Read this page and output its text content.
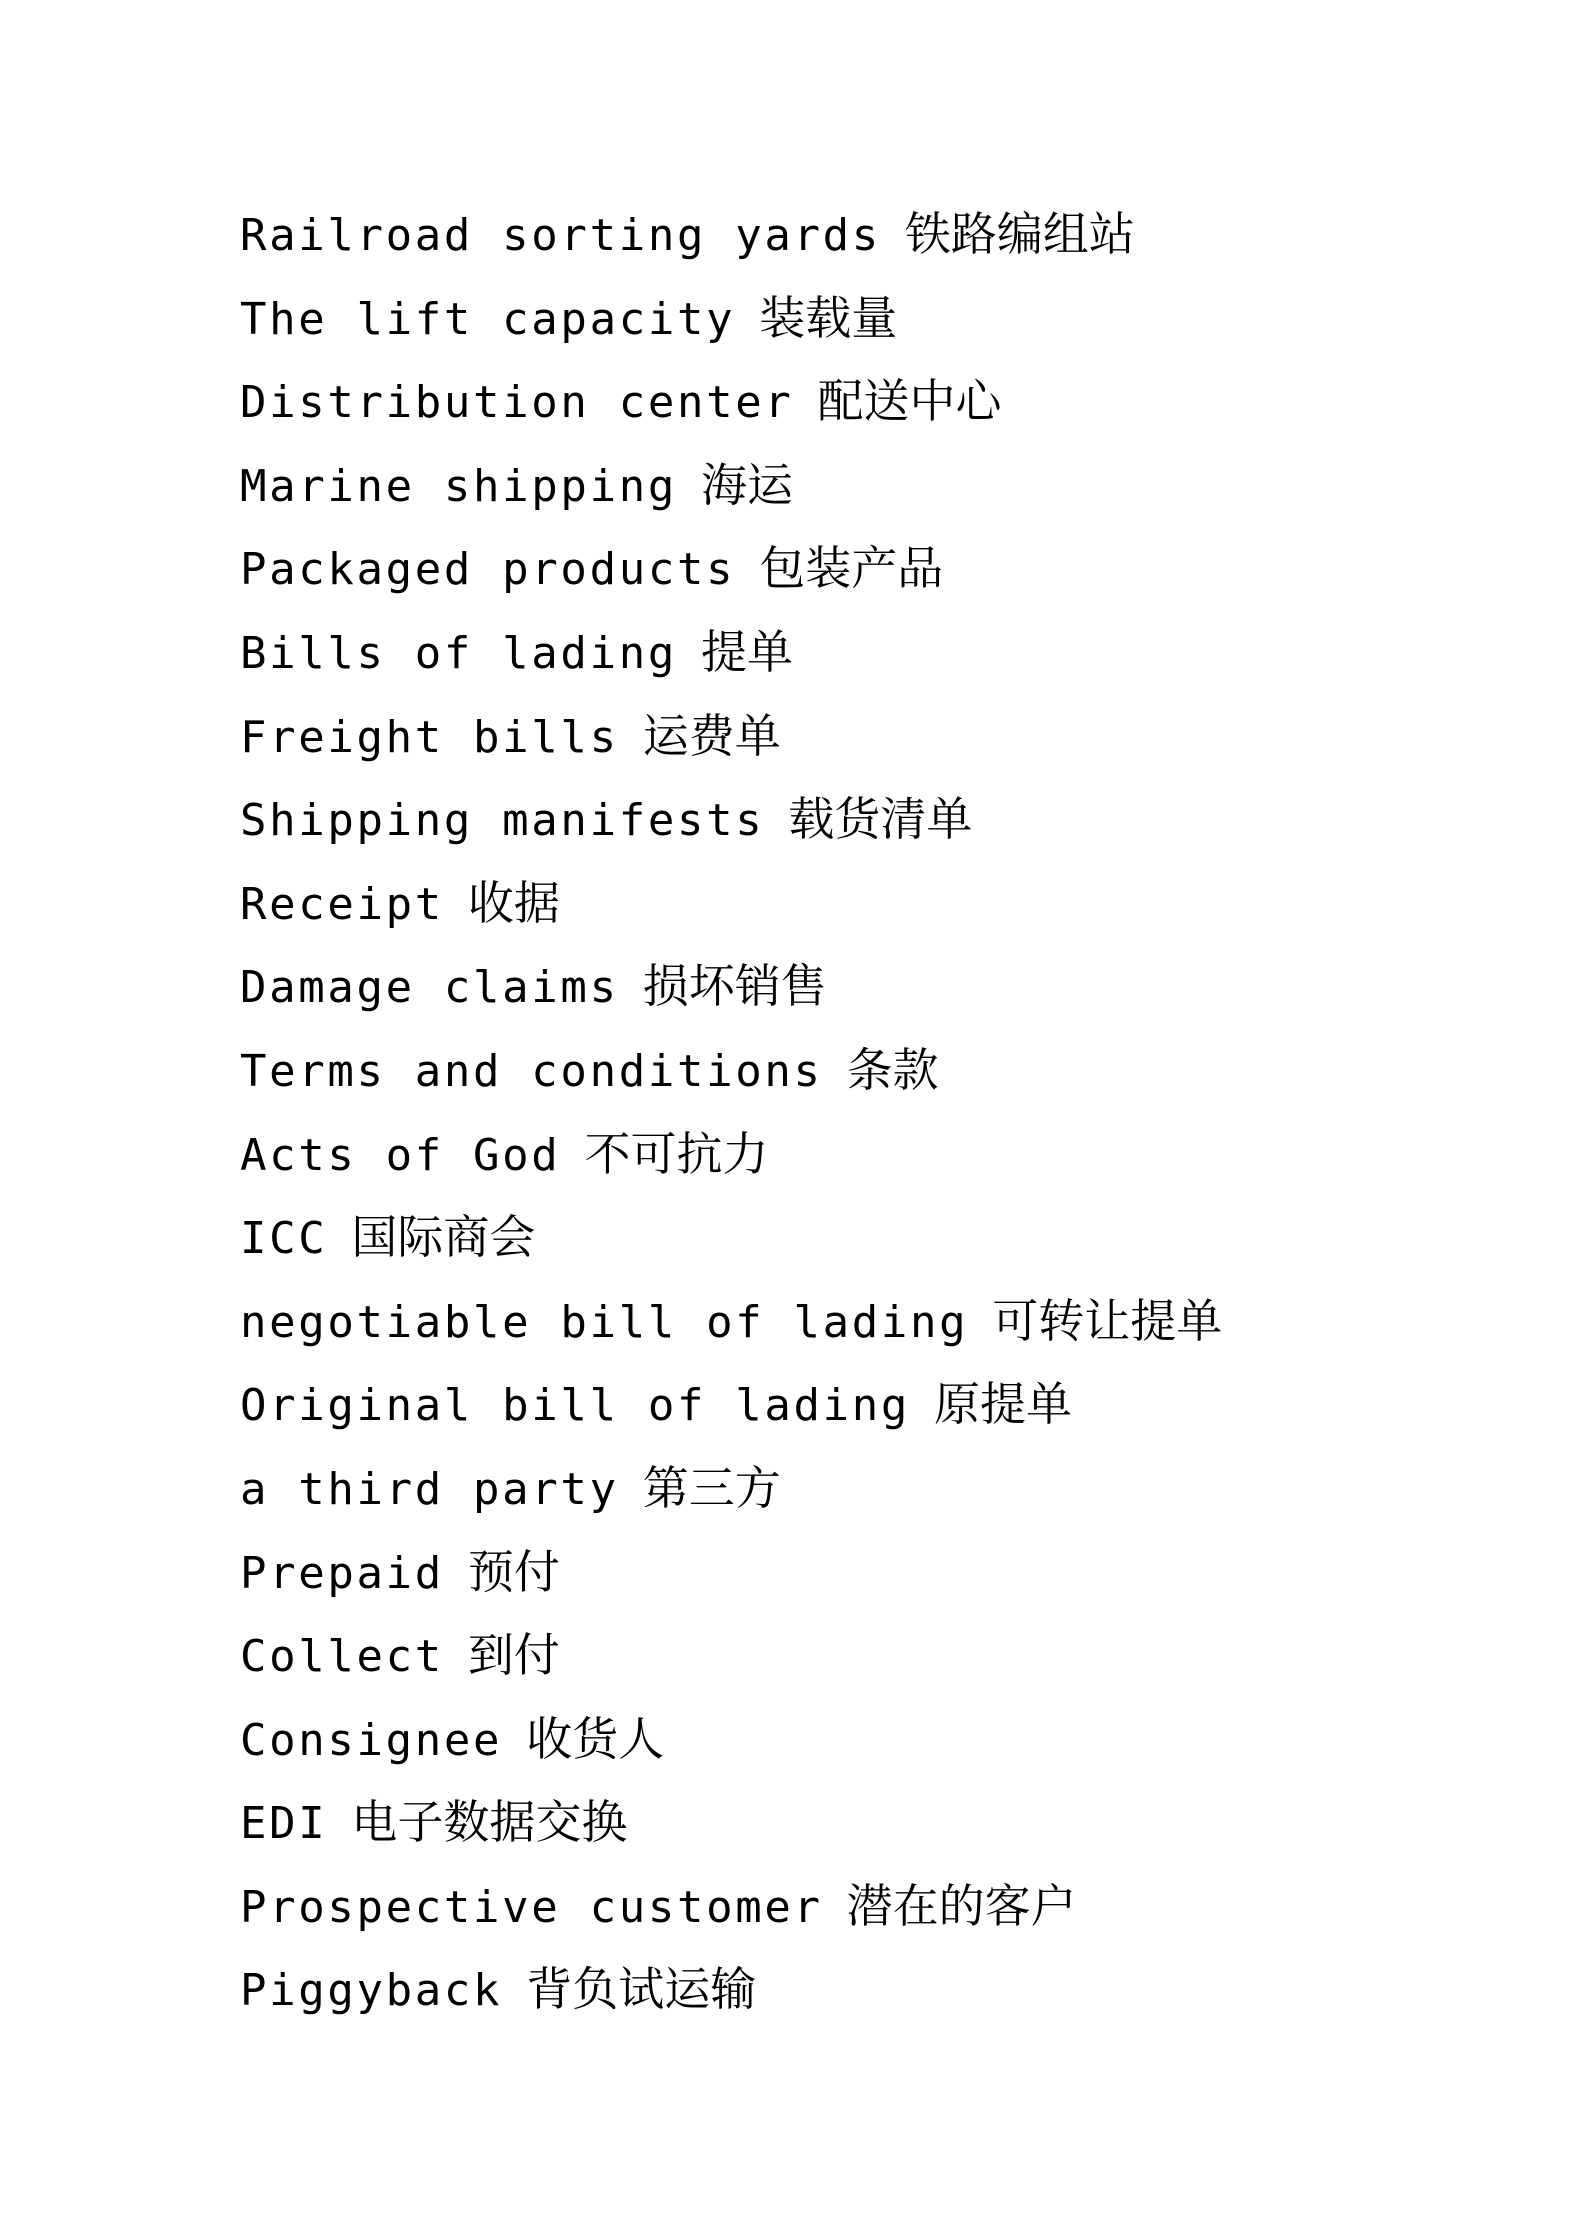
Railroad sorting yards 铁路编组站
The lift capacity 装载量
Distribution center 配送中心
Marine shipping 海运
Packaged products 包装产品
Bills of lading 提单
Freight bills 运费单
Shipping manifests 载货清单
Receipt 收据
Damage claims 损坏销售
Terms and conditions 条款
Acts of God 不可抗力
ICC 国际商会
negotiable bill of lading 可转让提单
Original bill of lading 原提单
a third party 第三方
Prepaid 预付
Collect 到付
Consignee 收货人
EDI 电子数据交换
Prospective customer 潜在的客户
Piggyback 背负试运输
